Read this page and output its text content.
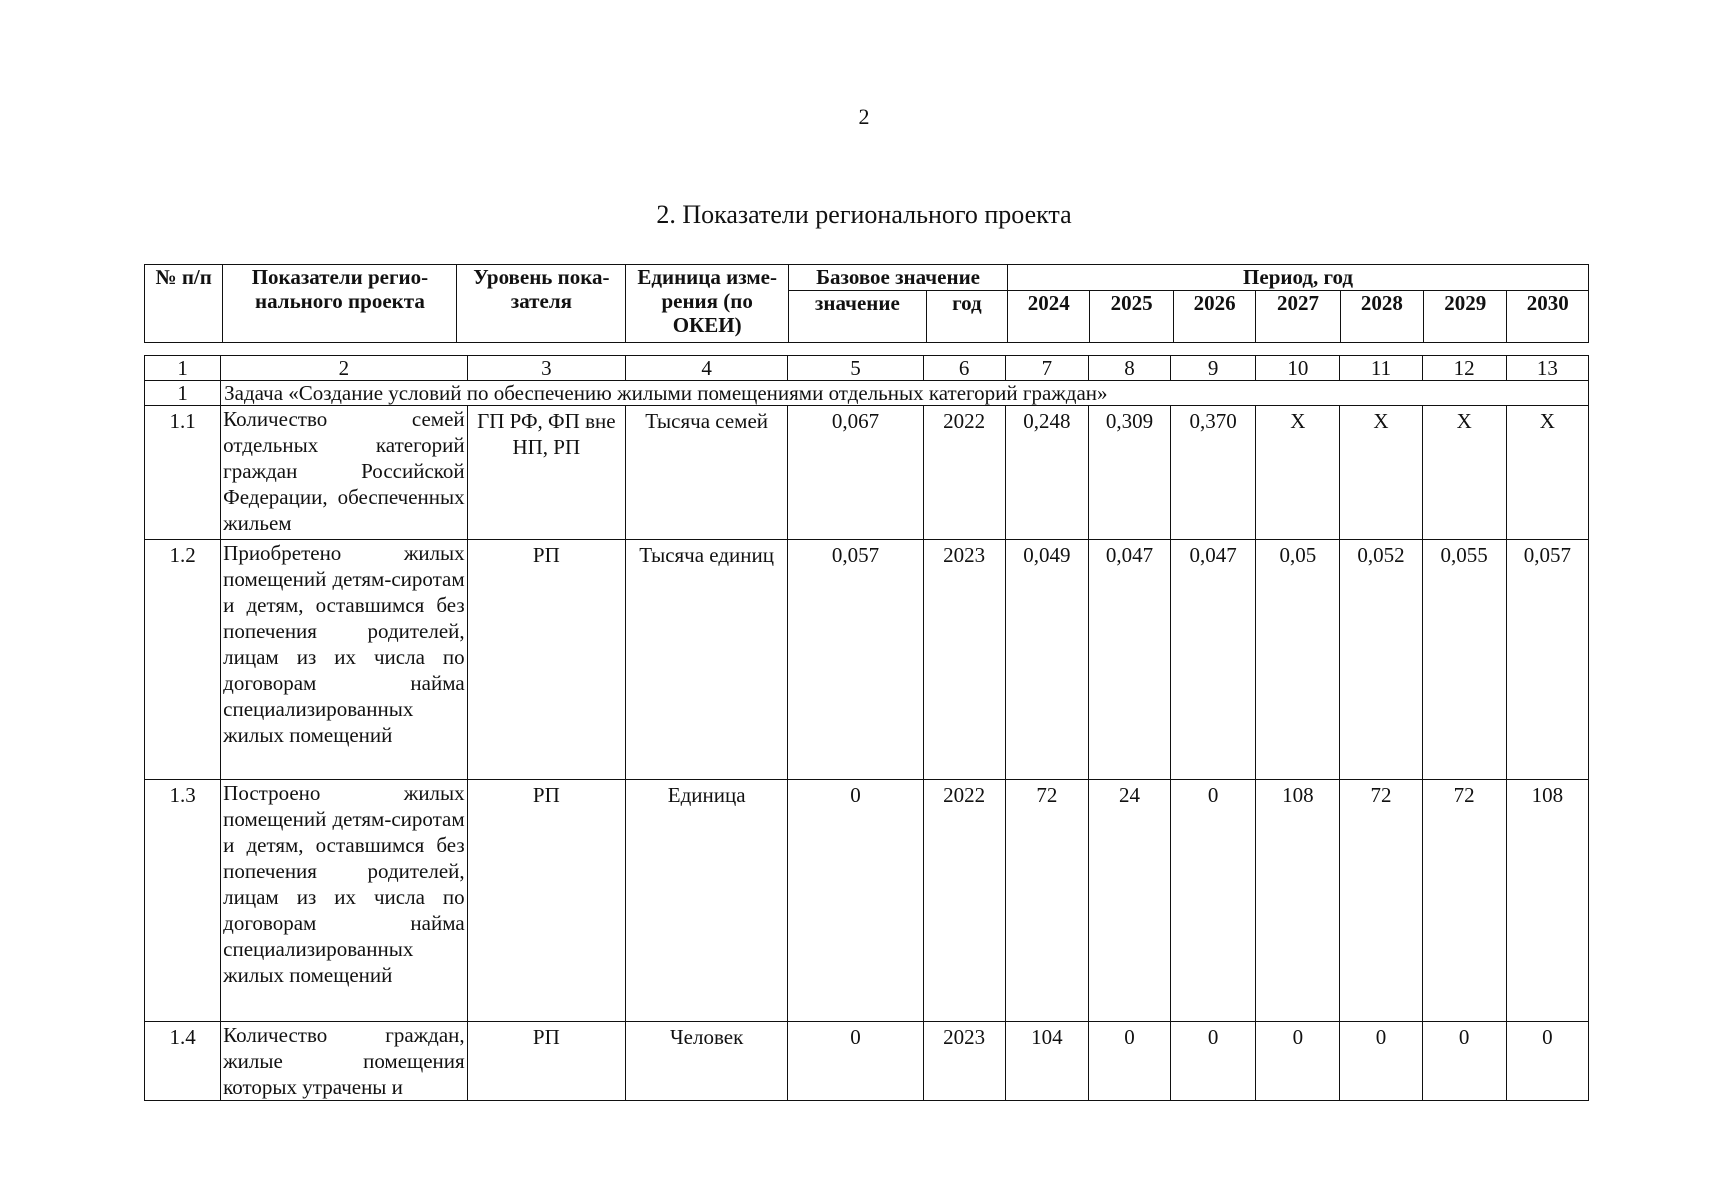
2
2. Показатели регионального проекта
№ п/п	Показатели регио-нального проекта	Уровень пока-зателя	Единица изме-рения (по ОКЕИ)	Базовое значение		Период, год						
				значение	год	2024	2025	2026	2027	2028	2029	2030
1	2	3	4	5	6	7	8	9	10	11	12	13
1	Задача «Создание условий по обеспечению жилыми помещениями отдельных категорий граждан»											
1.1	Количество семей отдельных категорий граждан Российской Федерации, обеспеченных жильем	ГП РФ, ФП вне НП, РП	Тысяча семей	0,067	2022	0,248	0,309	0,370	X	X	X	X
1.2	Приобретено жилых помещений детям-сиротам и детям, оставшимся без попечения родителей, лицам из их числа по договорам найма специализированных жилых помещений	РП	Тысяча единиц	0,057	2023	0,049	0,047	0,047	0,05	0,052	0,055	0,057
1.3	Построено жилых помещений детям-сиротам и детям, оставшимся без попечения родителей, лицам из их числа по договорам найма специализированных жилых помещений	РП	Единица	0	2022	72	24	0	108	72	72	108
1.4	Количество граждан, жилые помещения которых утрачены и	РП	Человек	0	2023	104	0	0	0	0	0	0
